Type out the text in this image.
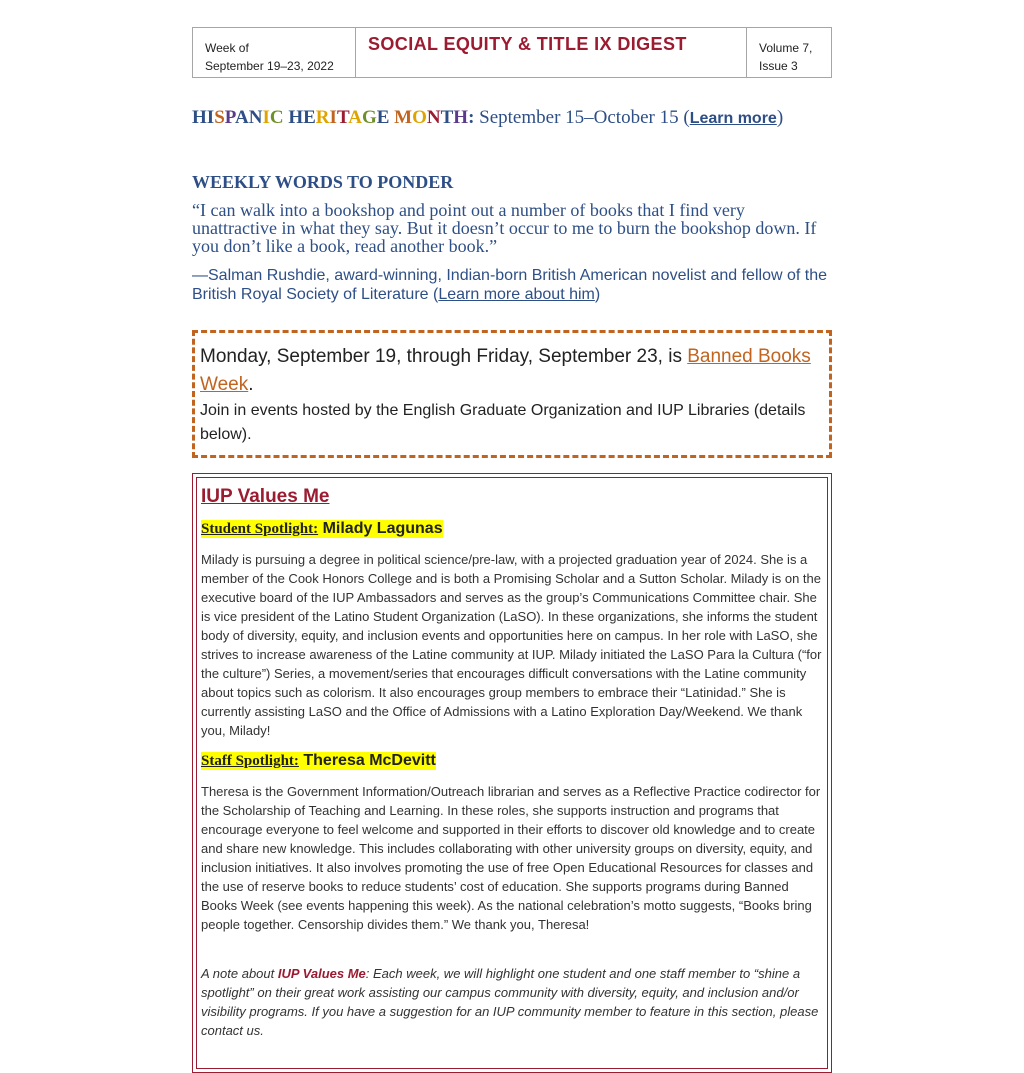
Week of
September 19–23, 2022
SOCIAL EQUITY & TITLE IX DIGEST	Volume 7,
Issue 3
HISPANIC HERITAGE MONTH: September 15–October 15 (Learn more)
WEEKLY WORDS TO PONDER
“I can walk into a bookshop and point out a number of books that I find very unattractive in what they say. But it doesn’t occur to me to burn the bookshop down. If you don’t like a book, read another book.”
—Salman Rushdie, award-winning, Indian-born British American novelist and fellow of the British Royal Society of Literature (Learn more about him)
Monday, September 19, through Friday, September 23, is Banned Books Week.
Join in events hosted by the English Graduate Organization and IUP Libraries (details below).
IUP Values Me
Student Spotlight: Milady Lagunas

Milady is pursuing a degree in political science/pre-law, with a projected graduation year of 2024. She is a member of the Cook Honors College and is both a Promising Scholar and a Sutton Scholar. Milady is on the executive board of the IUP Ambassadors and serves as the group’s Communications Committee chair. She is vice president of the Latino Student Organization (LaSO). In these organizations, she informs the student body of diversity, equity, and inclusion events and opportunities here on campus. In her role with LaSO, she strives to increase awareness of the Latine community at IUP. Milady initiated the LaSO Para la Cultura (“for the culture”) Series, a movement/series that encourages difficult conversations with the Latine community about topics such as colorism. It also encourages group members to embrace their “Latinidad.” She is currently assisting LaSO and the Office of Admissions with a Latino Exploration Day/Weekend. We thank you, Milady!

Staff Spotlight: Theresa McDevitt

Theresa is the Government Information/Outreach librarian and serves as a Reflective Practice codirector for the Scholarship of Teaching and Learning. In these roles, she supports instruction and programs that encourage everyone to feel welcome and supported in their efforts to discover old knowledge and to create and share new knowledge. This includes collaborating with other university groups on diversity, equity, and inclusion initiatives. It also involves promoting the use of free Open Educational Resources for classes and the use of reserve books to reduce students’ cost of education. She supports programs during Banned Books Week (see events happening this week). As the national celebration’s motto suggests, “Books bring people together. Censorship divides them.” We thank you, Theresa!

A note about IUP Values Me: Each week, we will highlight one student and one staff member to “shine a spotlight” on their great work assisting our campus community with diversity, equity, and inclusion and/or visibility programs. If you have a suggestion for an IUP community member to feature in this section, please contact us.
